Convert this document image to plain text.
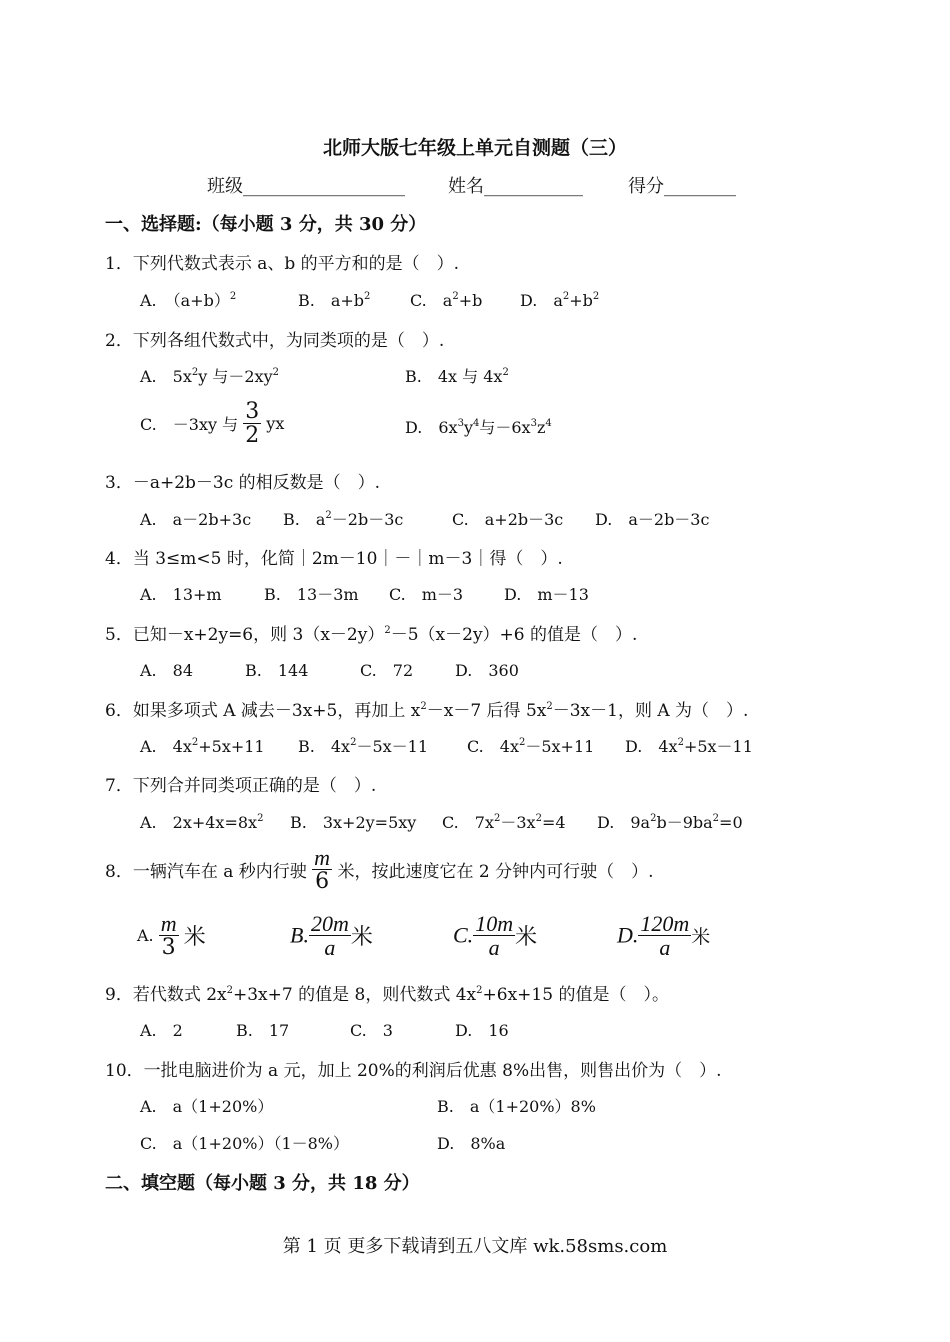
北师大版七年级上单元自测题（三）
班级__________________ 姓名___________	得分________
一、选择题:（每小题 3 分，共 30 分）
1．下列代数式表示 a、b 的平方和的是（　）.
A.　$(a+b)^2$	B.　$a+b^2$ C.　$a^2+b$ D.　$a^2+b^2$
2．下列各组代数式中，为同类项的是（　）.
A.　$5x^2y$ 与$-2xy^2$	B.　4x 与 $4x^2$
C.　－3xy 与 $\frac{3}{2}$ yx	D.　$6x^3y^4$与$-6x^3z^4$
3．－a+2b－3c 的相反数是（　）.
A.　a－2b+3c B.　$a^2-2b-3c$	C.　a+2b－3c D.　a－2b－3c
4．当 3≤m<5 时，化简｜2m－10｜－｜m－3｜得（　）.
A.　13+m	B.　13－3m C.　m－3	D.　m－13
5．已知－x+2y=6，则 $3(x-2y)^2-5(x-2y)+6$ 的值是（　）.
A.　84	B.　144	C.　72	D.　360
6．如果多项式 A 减去－3x+5，再加上 $x^2-x-7$ 后得 $5x^2-3x-1$，则 A 为（　）.
A.　$4x^2+5x+11$ B.　$4x^2-5x-11$ C.　$4x^2-5x+11$ D.　$4x^2+5x-11$
7．下列合并同类项正确的是（　）.
A.　$2x+4x=8x^2$ B.　3x+2y=5xy C.　$7x^2-3x^2=4$ D.　$9a^2b-9ba^2=0$
8．一辆汽车在 a 秒内行驶 $\frac{m}{6}$ 米，按此速度它在 2 分钟内可行驶（　）.
A. $\frac{m}{3}$ 米	B. $\frac{20m}{a}$ 米	C. $\frac{10m}{a}$ 米	D. $\frac{120m}{a}$ 米
9．若代数式 $2x^2+3x+7$ 的值是 8，则代数式 $4x^2+6x+15$ 的值是（　）。
A.　2	B.　17	C.　3	D.　16
10．一批电脑进价为 a 元，加上 20%的利润后优惠 8%出售，则售出价为（　）.
A.　a（1+20%）	B.　a（1+20%）8%
C.　a（1+20%）（1－8%）	D.　8%a
二、填空题（每小题 3 分，共 18 分）
第 1 页 更多下载请到五八文库 wk.58sms.com
